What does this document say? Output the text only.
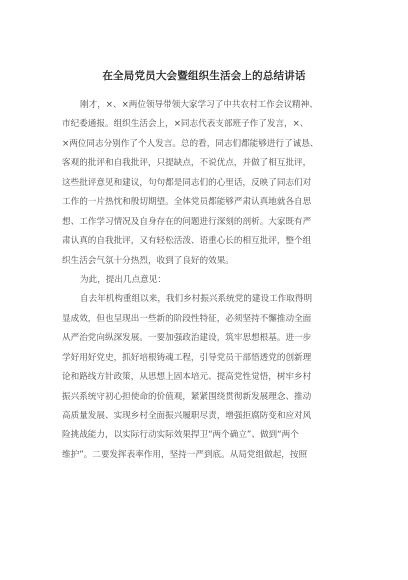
在全局党员大会暨组织生活会上的总结讲话

刚才，×、×两位领导带领大家学习了中共农村工作会议精神、
市纪委通报。组织生活会上，×同志代表支部班子作了发言，×、
×两位同志分别作了个人发言。总的看，同志们都能够进行了诚恳、
客观的批评和自我批评，只提缺点，不说优点，并做了相互批评，
这些批评意见和建议，句句都是同志们的心里话，反映了同志们对
工作的一片热忱和殷切期望。全体党员都能够严肃认真地就各自思
想、工作学习情况及自身存在的问题进行深刻的剖析。大家既有严
肃认真的自我批评，又有轻松活泼、语重心长的相互批评，整个组
织生活会气氛十分热烈，收到了良好的效果。

为此，提出几点意见：

自去年机构重组以来，我们乡村振兴系统党的建设工作取得明
显成效，但也呈现出一些新的阶段性特征，必须坚持不懈推动全面
从严治党向纵深发展。一要加强政治建设，筑牢思想根基。进一步
学好用好党史，抓好培根铸魂工程，引导党员干部悟透党的创新理
论和路线方针政策，从思想上固本培元、提高党性觉悟，树牢乡村
振兴系统守初心担使命的价值观，紧紧围绕贯彻新发展理念、推动
高质量发展、实现乡村全面振兴履职尽责，增强拒腐防变和应对风
险挑战能力，以实际行动实际效果捍卫“两个确立”、做到“两个
维护”。二要发挥表率作用，坚持一严到底。从局党组做起，按照
